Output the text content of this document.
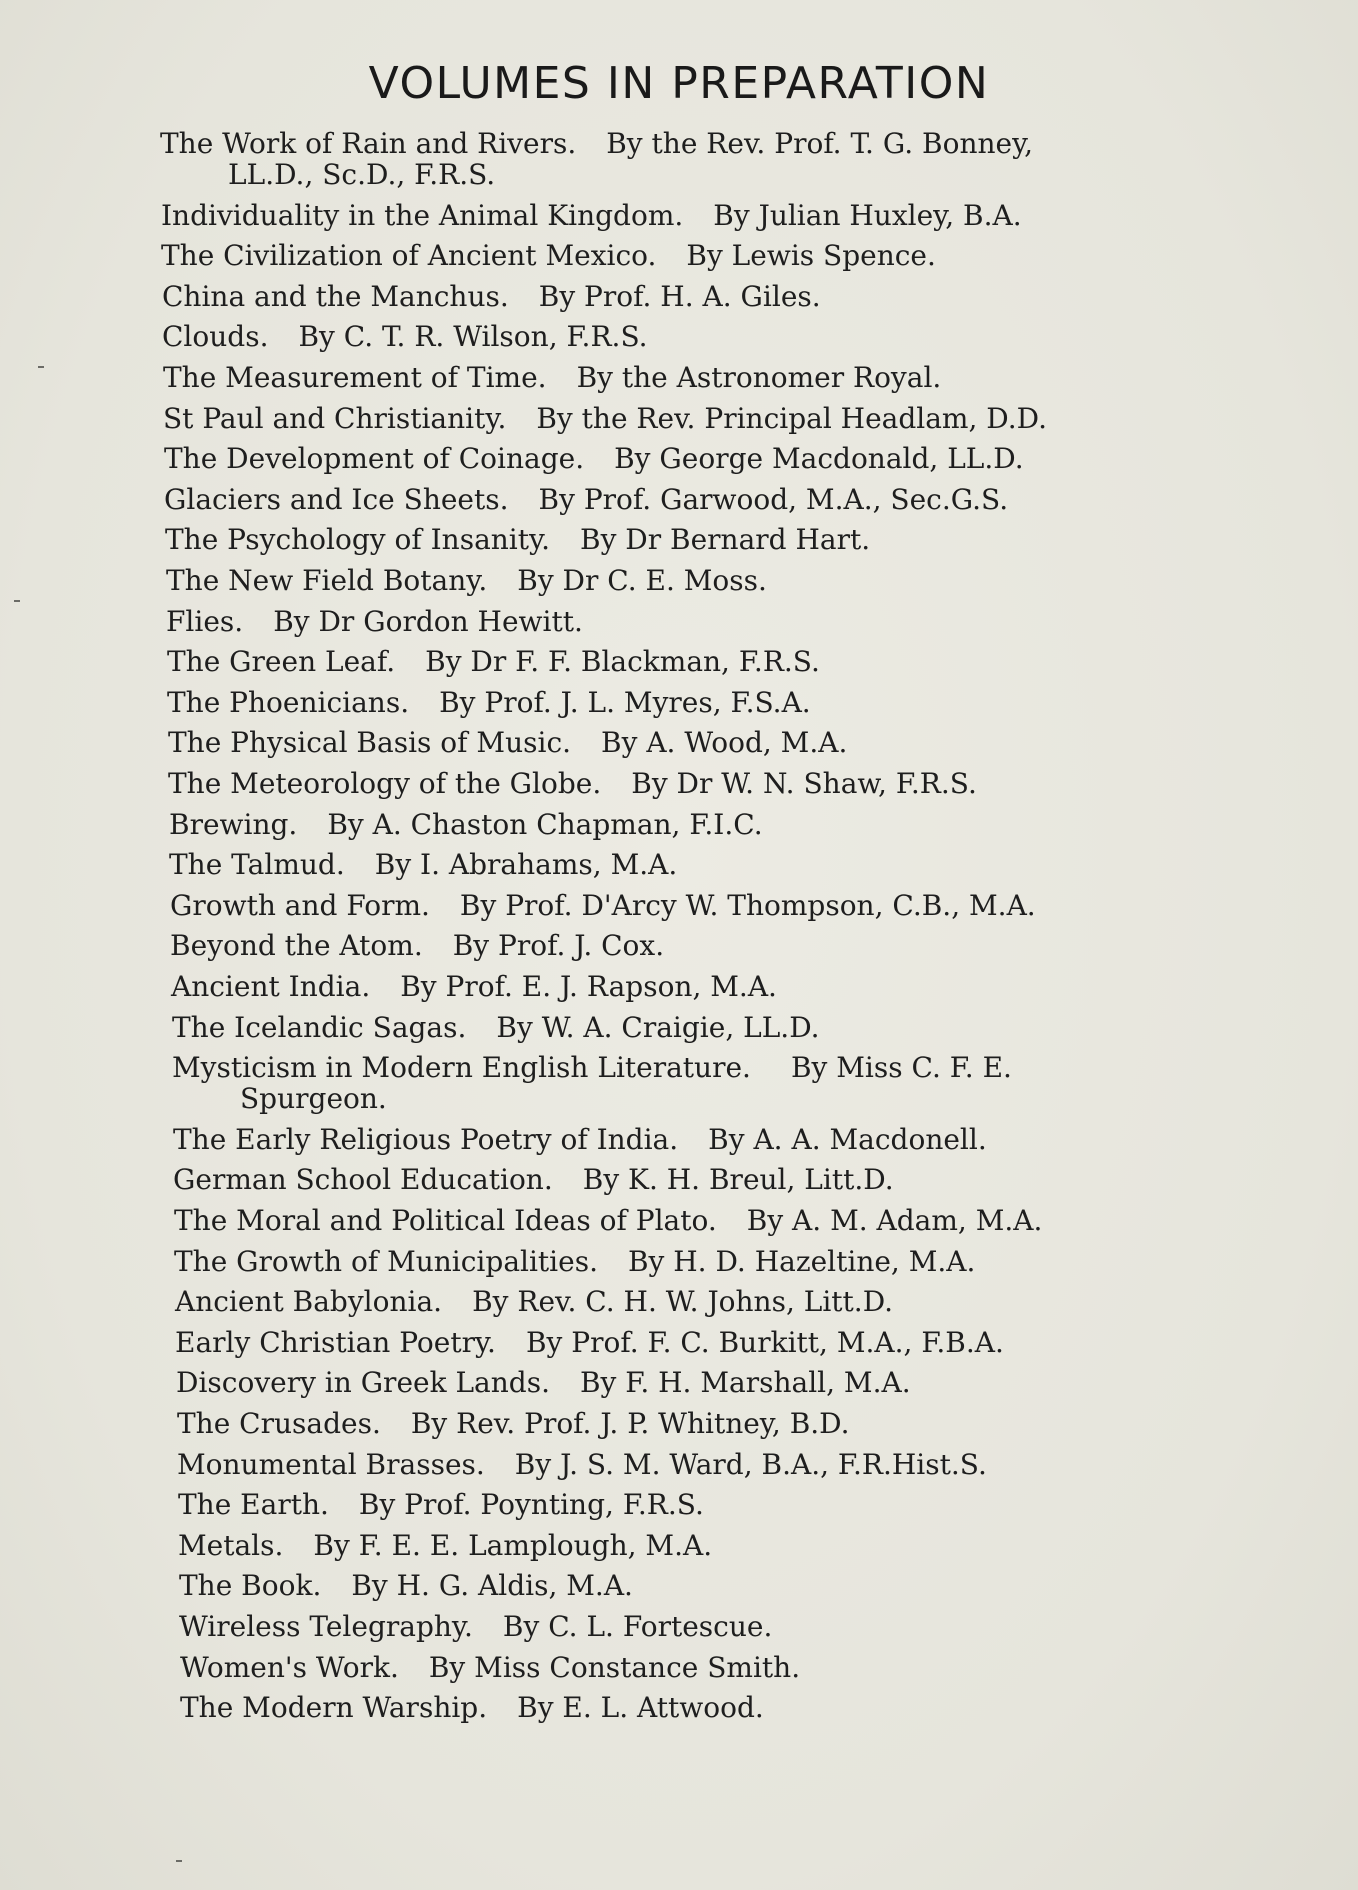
VOLUMES IN PREPARATION
The Work of Rain and Rivers. By the Rev. Prof. T. G. Bonney,
LL.D., Sc.D., F.R.S.
Individuality in the Animal Kingdom. By Julian Huxley, B.A.
The Civilization of Ancient Mexico. By Lewis Spence.
China and the Manchus. By Prof. H. A. Giles.
Clouds. By C. T. R. Wilson, F.R.S.
The Measurement of Time. By the Astronomer Royal.
St Paul and Christianity. By the Rev. Principal Headlam, D.D.
The Development of Coinage. By George Macdonald, LL.D.
Glaciers and Ice Sheets. By Prof. Garwood, M.A., Sec.G.S.
The Psychology of Insanity. By Dr Bernard Hart.
The New Field Botany. By Dr C. E. Moss.
Flies. By Dr Gordon Hewitt.
The Green Leaf. By Dr F. F. Blackman, F.R.S.
The Phoenicians. By Prof. J. L. Myres, F.S.A.
The Physical Basis of Music. By A. Wood, M.A.
The Meteorology of the Globe. By Dr W. N. Shaw, F.R.S.
Brewing. By A. Chaston Chapman, F.I.C.
The Talmud. By I. Abrahams, M.A.
Growth and Form. By Prof. D'Arcy W. Thompson, C.B., M.A.
Beyond the Atom. By Prof. J. Cox.
Ancient India. By Prof. E. J. Rapson, M.A.
The Icelandic Sagas. By W. A. Craigie, LL.D.
Mysticism in Modern English Literature. By Miss C. F. E.
Spurgeon.
The Early Religious Poetry of India. By A. A. Macdonell.
German School Education. By K. H. Breul, Litt.D.
The Moral and Political Ideas of Plato. By A. M. Adam, M.A.
The Growth of Municipalities. By H. D. Hazeltine, M.A.
Ancient Babylonia. By Rev. C. H. W. Johns, Litt.D.
Early Christian Poetry. By Prof. F. C. Burkitt, M.A., F.B.A.
Discovery in Greek Lands. By F. H. Marshall, M.A.
The Crusades. By Rev. Prof. J. P. Whitney, B.D.
Monumental Brasses. By J. S. M. Ward, B.A., F.R.Hist.S.
The Earth. By Prof. Poynting, F.R.S.
Metals. By F. E. E. Lamplough, M.A.
The Book. By H. G. Aldis, M.A.
Wireless Telegraphy. By C. L. Fortescue.
Women's Work. By Miss Constance Smith.
The Modern Warship. By E. L. Attwood.
